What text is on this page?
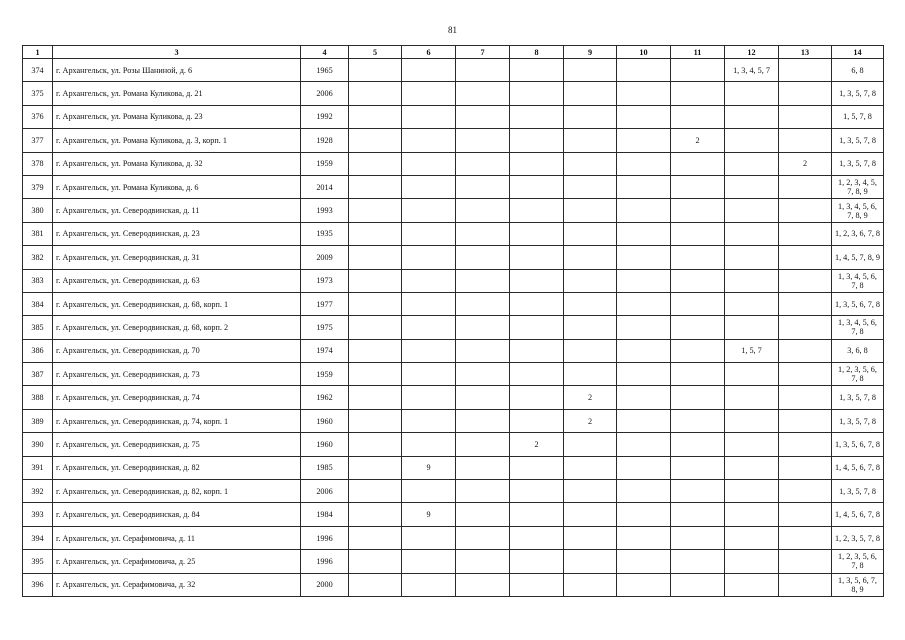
81
1	3	4	5	6	7	8	9	10	11	12	13	14
374	г. Архангельск, ул. Розы Шаниной, д. 6	1965								1, 3, 4, 5, 7		6, 8
375	г. Архангельск, ул. Романа Куликова, д. 21	2006										1, 3, 5, 7, 8
376	г. Архангельск, ул. Романа Куликова, д. 23	1992										1, 5, 7, 8
377	г. Архангельск, ул. Романа Куликова, д. 3, корп. 1	1928							2			1, 3, 5, 7, 8
378	г. Архангельск, ул. Романа Куликова, д. 32	1959									2	1, 3, 5, 7, 8
379	г. Архангельск, ул. Романа Куликова, д. 6	2014										1, 2, 3, 4, 5, 7, 8, 9
380	г. Архангельск, ул. Северодвинская, д. 11	1993										1, 3, 4, 5, 6, 7, 8, 9
381	г. Архангельск, ул. Северодвинская, д. 23	1935										1, 2, 3, 6, 7, 8
382	г. Архангельск, ул. Северодвинская, д. 31	2009										1, 4, 5, 7, 8, 9
383	г. Архангельск, ул. Северодвинская, д. 63	1973										1, 3, 4, 5, 6, 7, 8
384	г. Архангельск, ул. Северодвинская, д. 68, корп. 1	1977										1, 3, 5, 6, 7, 8
385	г. Архангельск, ул. Северодвинская, д. 68, корп. 2	1975										1, 3, 4, 5, 6, 7, 8
386	г. Архангельск, ул. Северодвинская, д. 70	1974								1, 5, 7		3, 6, 8
387	г. Архангельск, ул. Северодвинская, д. 73	1959										1, 2, 3, 5, 6, 7, 8
388	г. Архангельск, ул. Северодвинская, д. 74	1962					2					1, 3, 5, 7, 8
389	г. Архангельск, ул. Северодвинская, д. 74, корп. 1	1960					2					1, 3, 5, 7, 8
390	г. Архангельск, ул. Северодвинская, д. 75	1960				2						1, 3, 5, 6, 7, 8
391	г. Архангельск, ул. Северодвинская, д. 82	1985		9								1, 4, 5, 6, 7, 8
392	г. Архангельск, ул. Северодвинская, д. 82, корп. 1	2006										1, 3, 5, 7, 8
393	г. Архангельск, ул. Северодвинская, д. 84	1984		9								1, 4, 5, 6, 7, 8
394	г. Архангельск, ул. Серафимовича, д. 11	1996										1, 2, 3, 5, 7, 8
395	г. Архангельск, ул. Серафимовича, д. 25	1996										1, 2, 3, 5, 6, 7, 8
396	г. Архангельск, ул. Серафимовича, д. 32	2000										1, 3, 5, 6, 7, 8, 9
